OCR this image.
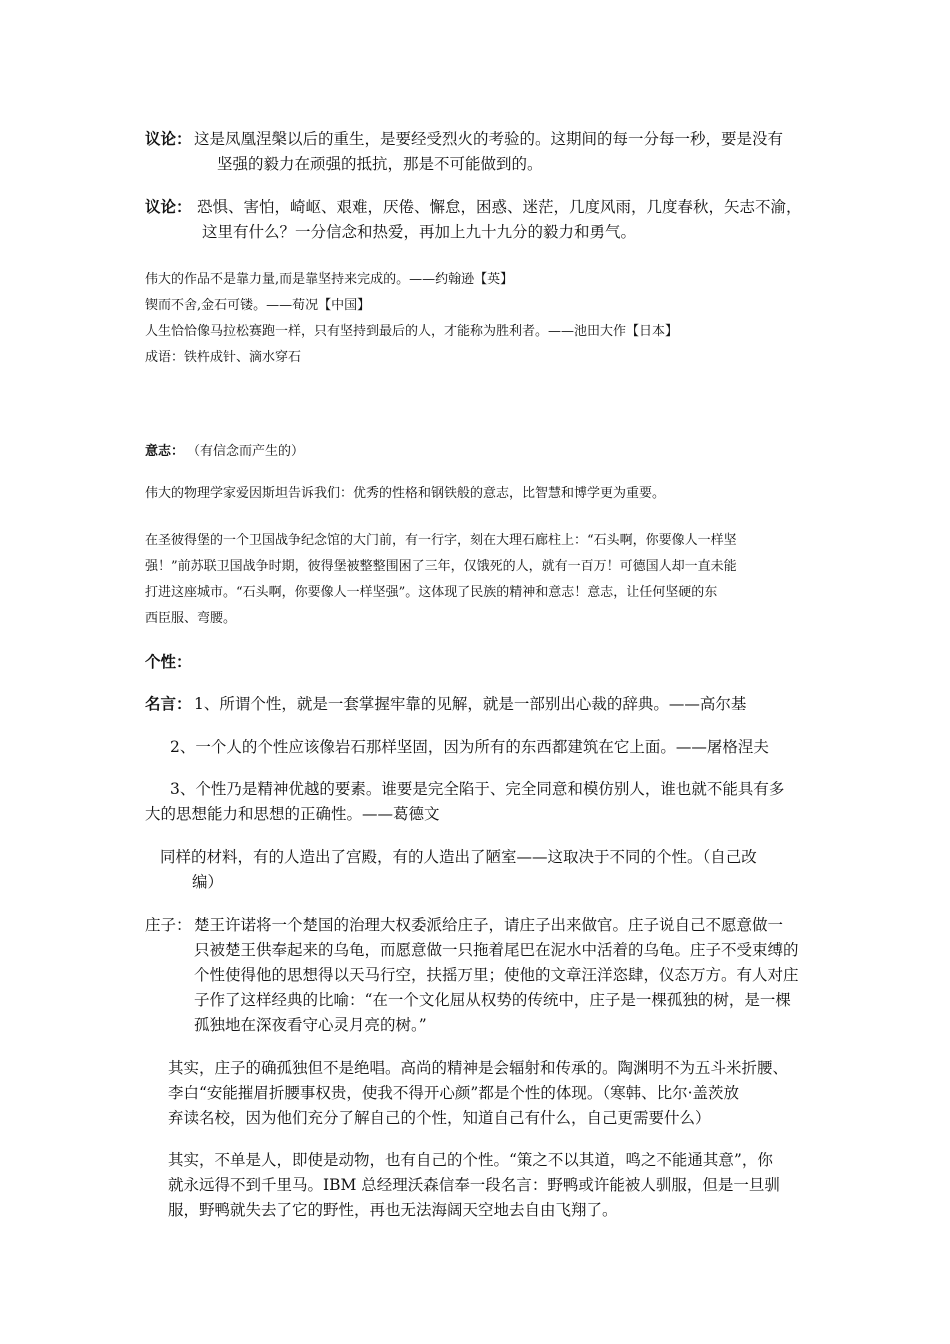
议论： 这是凤凰涅槃以后的重生，是要经受烈火的考验的。这期间的每一分每一秒，要是没有
坚强的毅力在顽强的抵抗，那是不可能做到的。
议论： 恐惧、害怕，崎岖、艰难，厌倦、懈怠，困惑、迷茫，几度风雨，几度春秋，矢志不渝，
这里有什么？一分信念和热爱，再加上九十九分的毅力和勇气。
伟大的作品不是靠力量,而是靠坚持来完成的。——约翰逊【英】
锲而不舍,金石可镂。——荀况【中国】
人生恰恰像马拉松赛跑一样，只有坚持到最后的人，才能称为胜利者。——池田大作【日本】
成语：铁杵成针、滴水穿石
意志： （有信念而产生的）
伟大的物理学家爱因斯坦告诉我们：优秀的性格和钢铁般的意志，比智慧和博学更为重要。
在圣彼得堡的一个卫国战争纪念馆的大门前，有一行字，刻在大理石廊柱上：“石头啊，你要像人一样坚
强！”前苏联卫国战争时期，彼得堡被整整围困了三年，仅饿死的人，就有一百万！可德国人却一直未能
打进这座城市。“石头啊，你要像人一样坚强”。这体现了民族的精神和意志！意志，让任何坚硬的东
西臣服、弯腰。
个性：
名言： 1、所谓个性，就是一套掌握牢靠的见解，就是一部别出心裁的辞典。——高尔基
2、一个人的个性应该像岩石那样坚固，因为所有的东西都建筑在它上面。——屠格涅夫
3、个性乃是精神优越的要素。谁要是完全陷于、完全同意和模仿别人，谁也就不能具有多
大的思想能力和思想的正确性。——葛德文
同样的材料，有的人造出了宫殿，有的人造出了陋室——这取决于不同的个性。（自己改
编）
庄子： 楚王许诺将一个楚国的治理大权委派给庄子，请庄子出来做官。庄子说自己不愿意做一
只被楚王供奉起来的乌龟，而愿意做一只拖着尾巴在泥水中活着的乌龟。庄子不受束缚的
个性使得他的思想得以天马行空，扶摇万里；使他的文章汪洋恣肆，仪态万方。有人对庄
子作了这样经典的比喻：“在一个文化屈从权势的传统中，庄子是一棵孤独的树，是一棵
孤独地在深夜看守心灵月亮的树。”
其实，庄子的确孤独但不是绝唱。高尚的精神是会辐射和传承的。陶渊明不为五斗米折腰、
李白“安能摧眉折腰事权贵，使我不得开心颜”都是个性的体现。（寒韩、比尔·盖茨放
弃读名校，因为他们充分了解自己的个性，知道自己有什么，自己更需要什么）
其实，不单是人，即使是动物，也有自己的个性。“策之不以其道，鸣之不能通其意”，你
就永远得不到千里马。IBM 总经理沃森信奉一段名言：野鸭或许能被人驯服，但是一旦驯
服，野鸭就失去了它的野性，再也无法海阔天空地去自由飞翔了。
